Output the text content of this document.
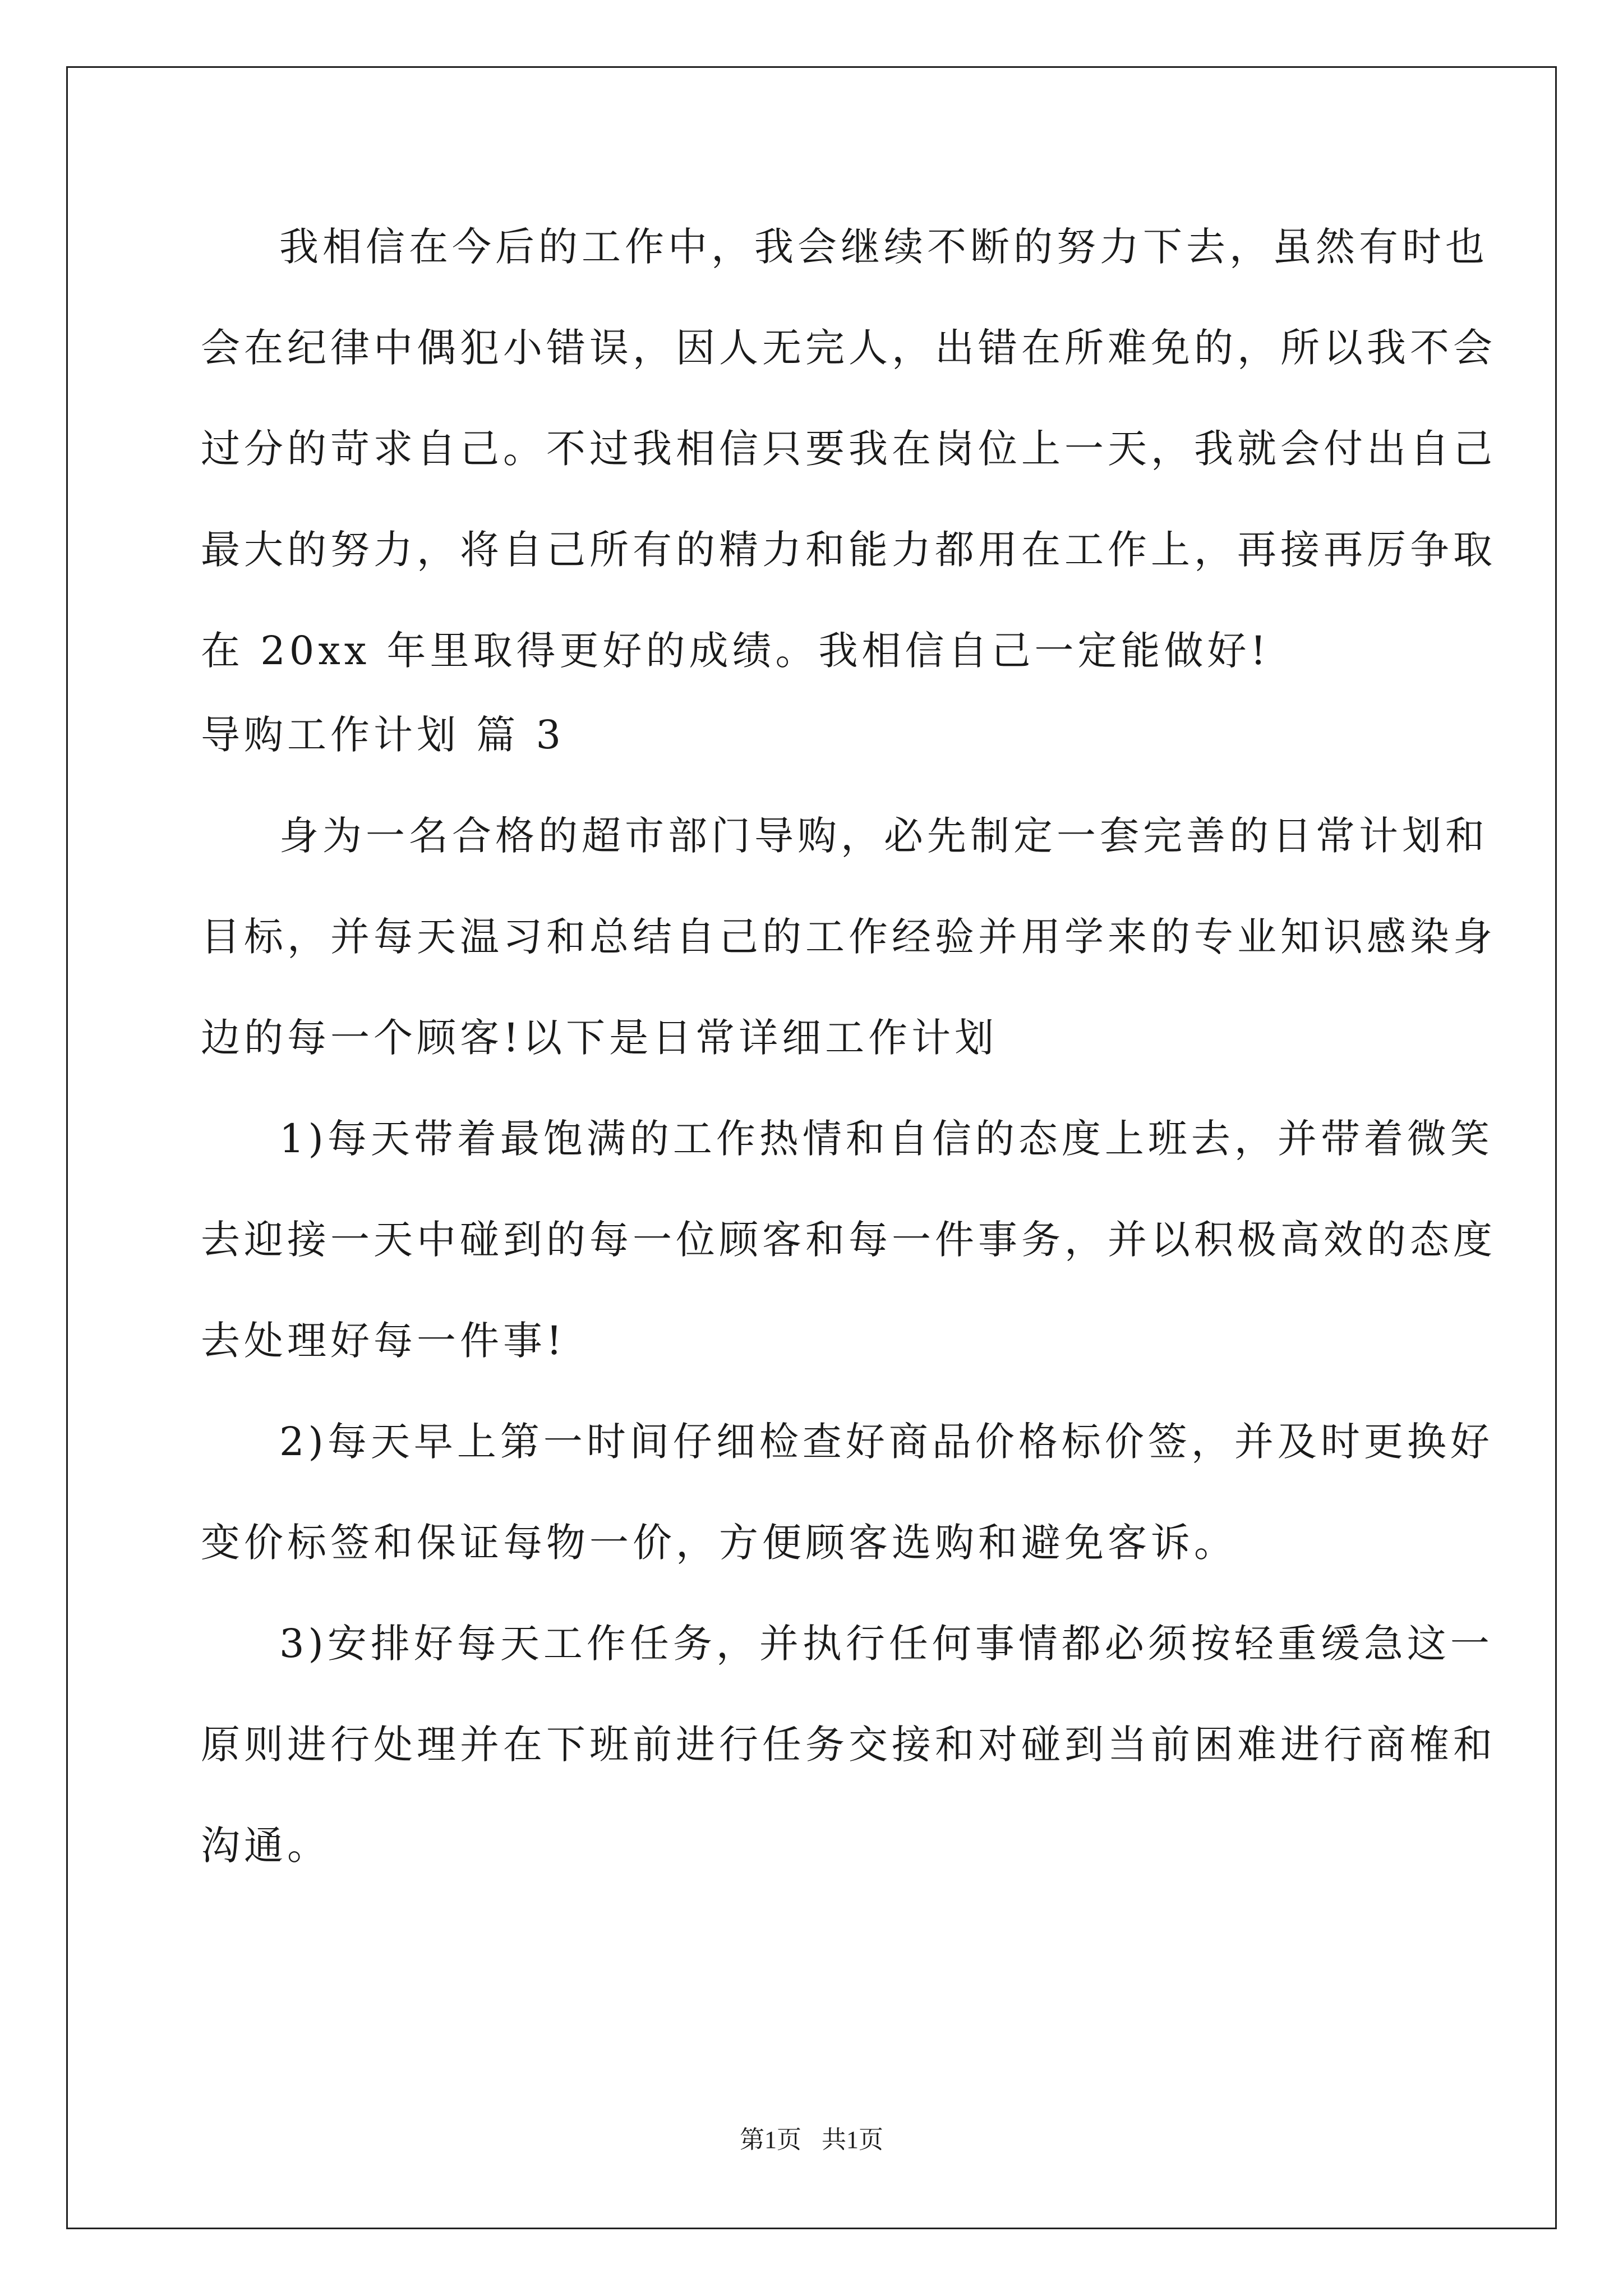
我相信在今后的工作中，我会继续不断的努力下去，虽然有时也
会在纪律中偶犯小错误，因人无完人，出错在所难免的，所以我不会
过分的苛求自己。不过我相信只要我在岗位上一天，我就会付出自己
最大的努力，将自己所有的精力和能力都用在工作上，再接再厉争取
在 20xx 年里取得更好的成绩。我相信自己一定能做好!
导购工作计划 篇 3
身为一名合格的超市部门导购，必先制定一套完善的日常计划和
目标，并每天温习和总结自己的工作经验并用学来的专业知识感染身
边的每一个顾客!以下是日常详细工作计划
1)每天带着最饱满的工作热情和自信的态度上班去，并带着微笑
去迎接一天中碰到的每一位顾客和每一件事务，并以积极高效的态度
去处理好每一件事!
2)每天早上第一时间仔细检查好商品价格标价签，并及时更换好
变价标签和保证每物一价，方便顾客选购和避免客诉。
3)安排好每天工作任务，并执行任何事情都必须按轻重缓急这一
原则进行处理并在下班前进行任务交接和对碰到当前困难进行商榷和
沟通。
第1页 共1页
